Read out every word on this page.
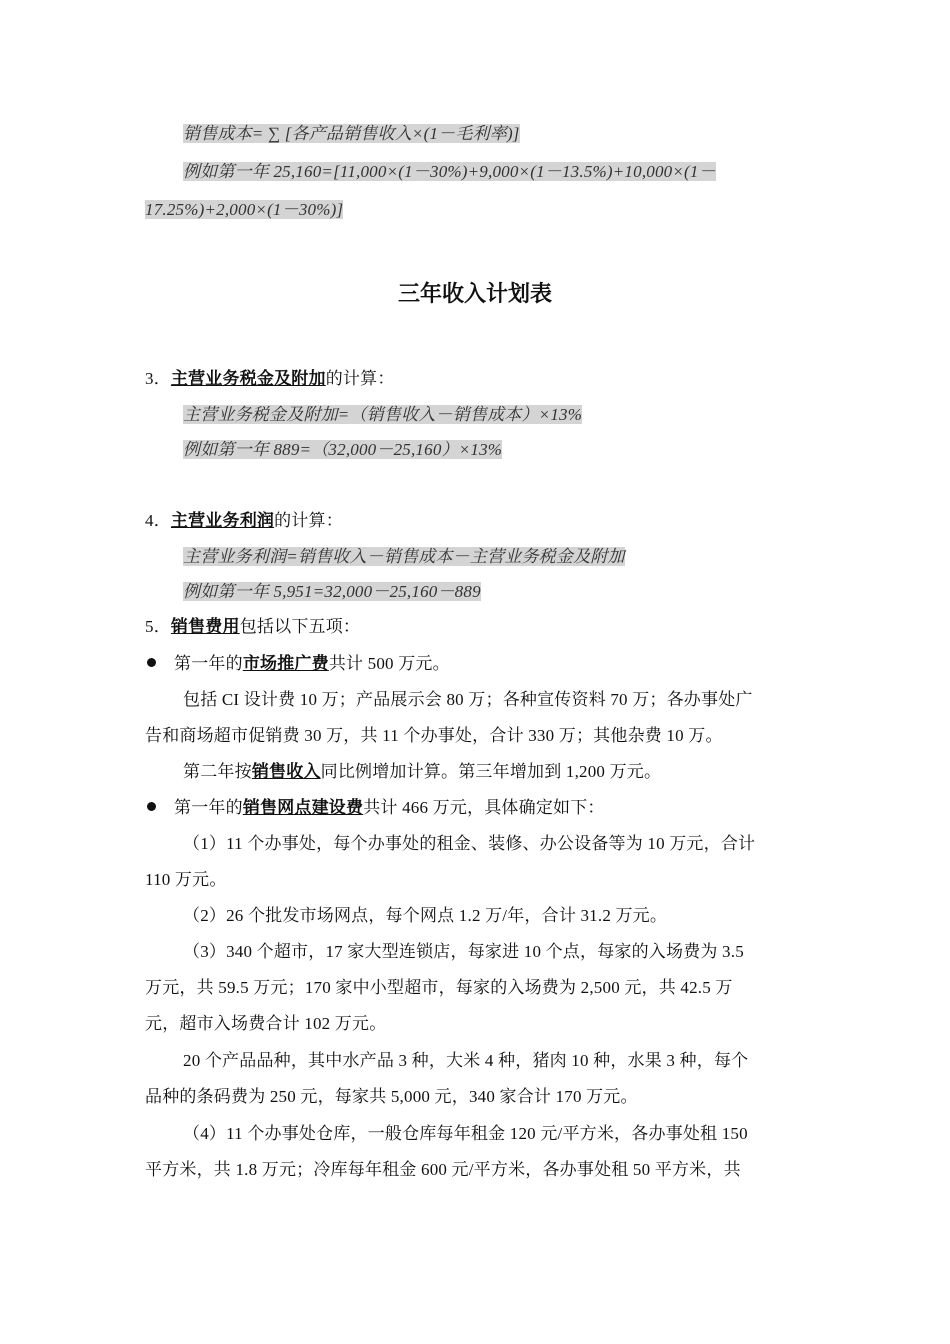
销售成本= ∑ [各产品销售收入×(1－毛利率)]
例如第一年 25,160=[11,000×(1－30%)+9,000×(1－13.5%)+10,000×(1－
17.25%)+2,000×(1－30%)]
三年收入计划表
3．主营业务税金及附加的计算：
主营业务税金及附加=（销售收入－销售成本）×13%
例如第一年 889=（32,000－25,160）×13%
4．主营业务利润的计算：
主营业务利润=销售收入－销售成本－主营业务税金及附加
例如第一年 5,951=32,000－25,160－889
5．销售费用包括以下五项：
第一年的市场推广费共计 500 万元。
包括 CI 设计费 10 万；产品展示会 80 万；各种宣传资料 70 万；各办事处广
告和商场超市促销费 30 万，共 11 个办事处，合计 330 万；其他杂费 10 万。
第二年按销售收入同比例增加计算。第三年增加到 1,200 万元。
第一年的销售网点建设费共计 466 万元，具体确定如下：
（1）11 个办事处，每个办事处的租金、装修、办公设备等为 10 万元，合计
110 万元。
（2）26 个批发市场网点，每个网点 1.2 万/年，合计 31.2 万元。
（3）340 个超市，17 家大型连锁店，每家进 10 个点，每家的入场费为 3.5
万元，共 59.5 万元；170 家中小型超市，每家的入场费为 2,500 元，共 42.5 万
元，超市入场费合计 102 万元。
20 个产品品种，其中水产品 3 种，大米 4 种，猪肉 10 种，水果 3 种，每个
品种的条码费为 250 元，每家共 5,000 元，340 家合计 170 万元。
（4）11 个办事处仓库，一般仓库每年租金 120 元/平方米，各办事处租 150
平方米，共 1.8 万元；冷库每年租金 600 元/平方米，各办事处租 50 平方米，共
